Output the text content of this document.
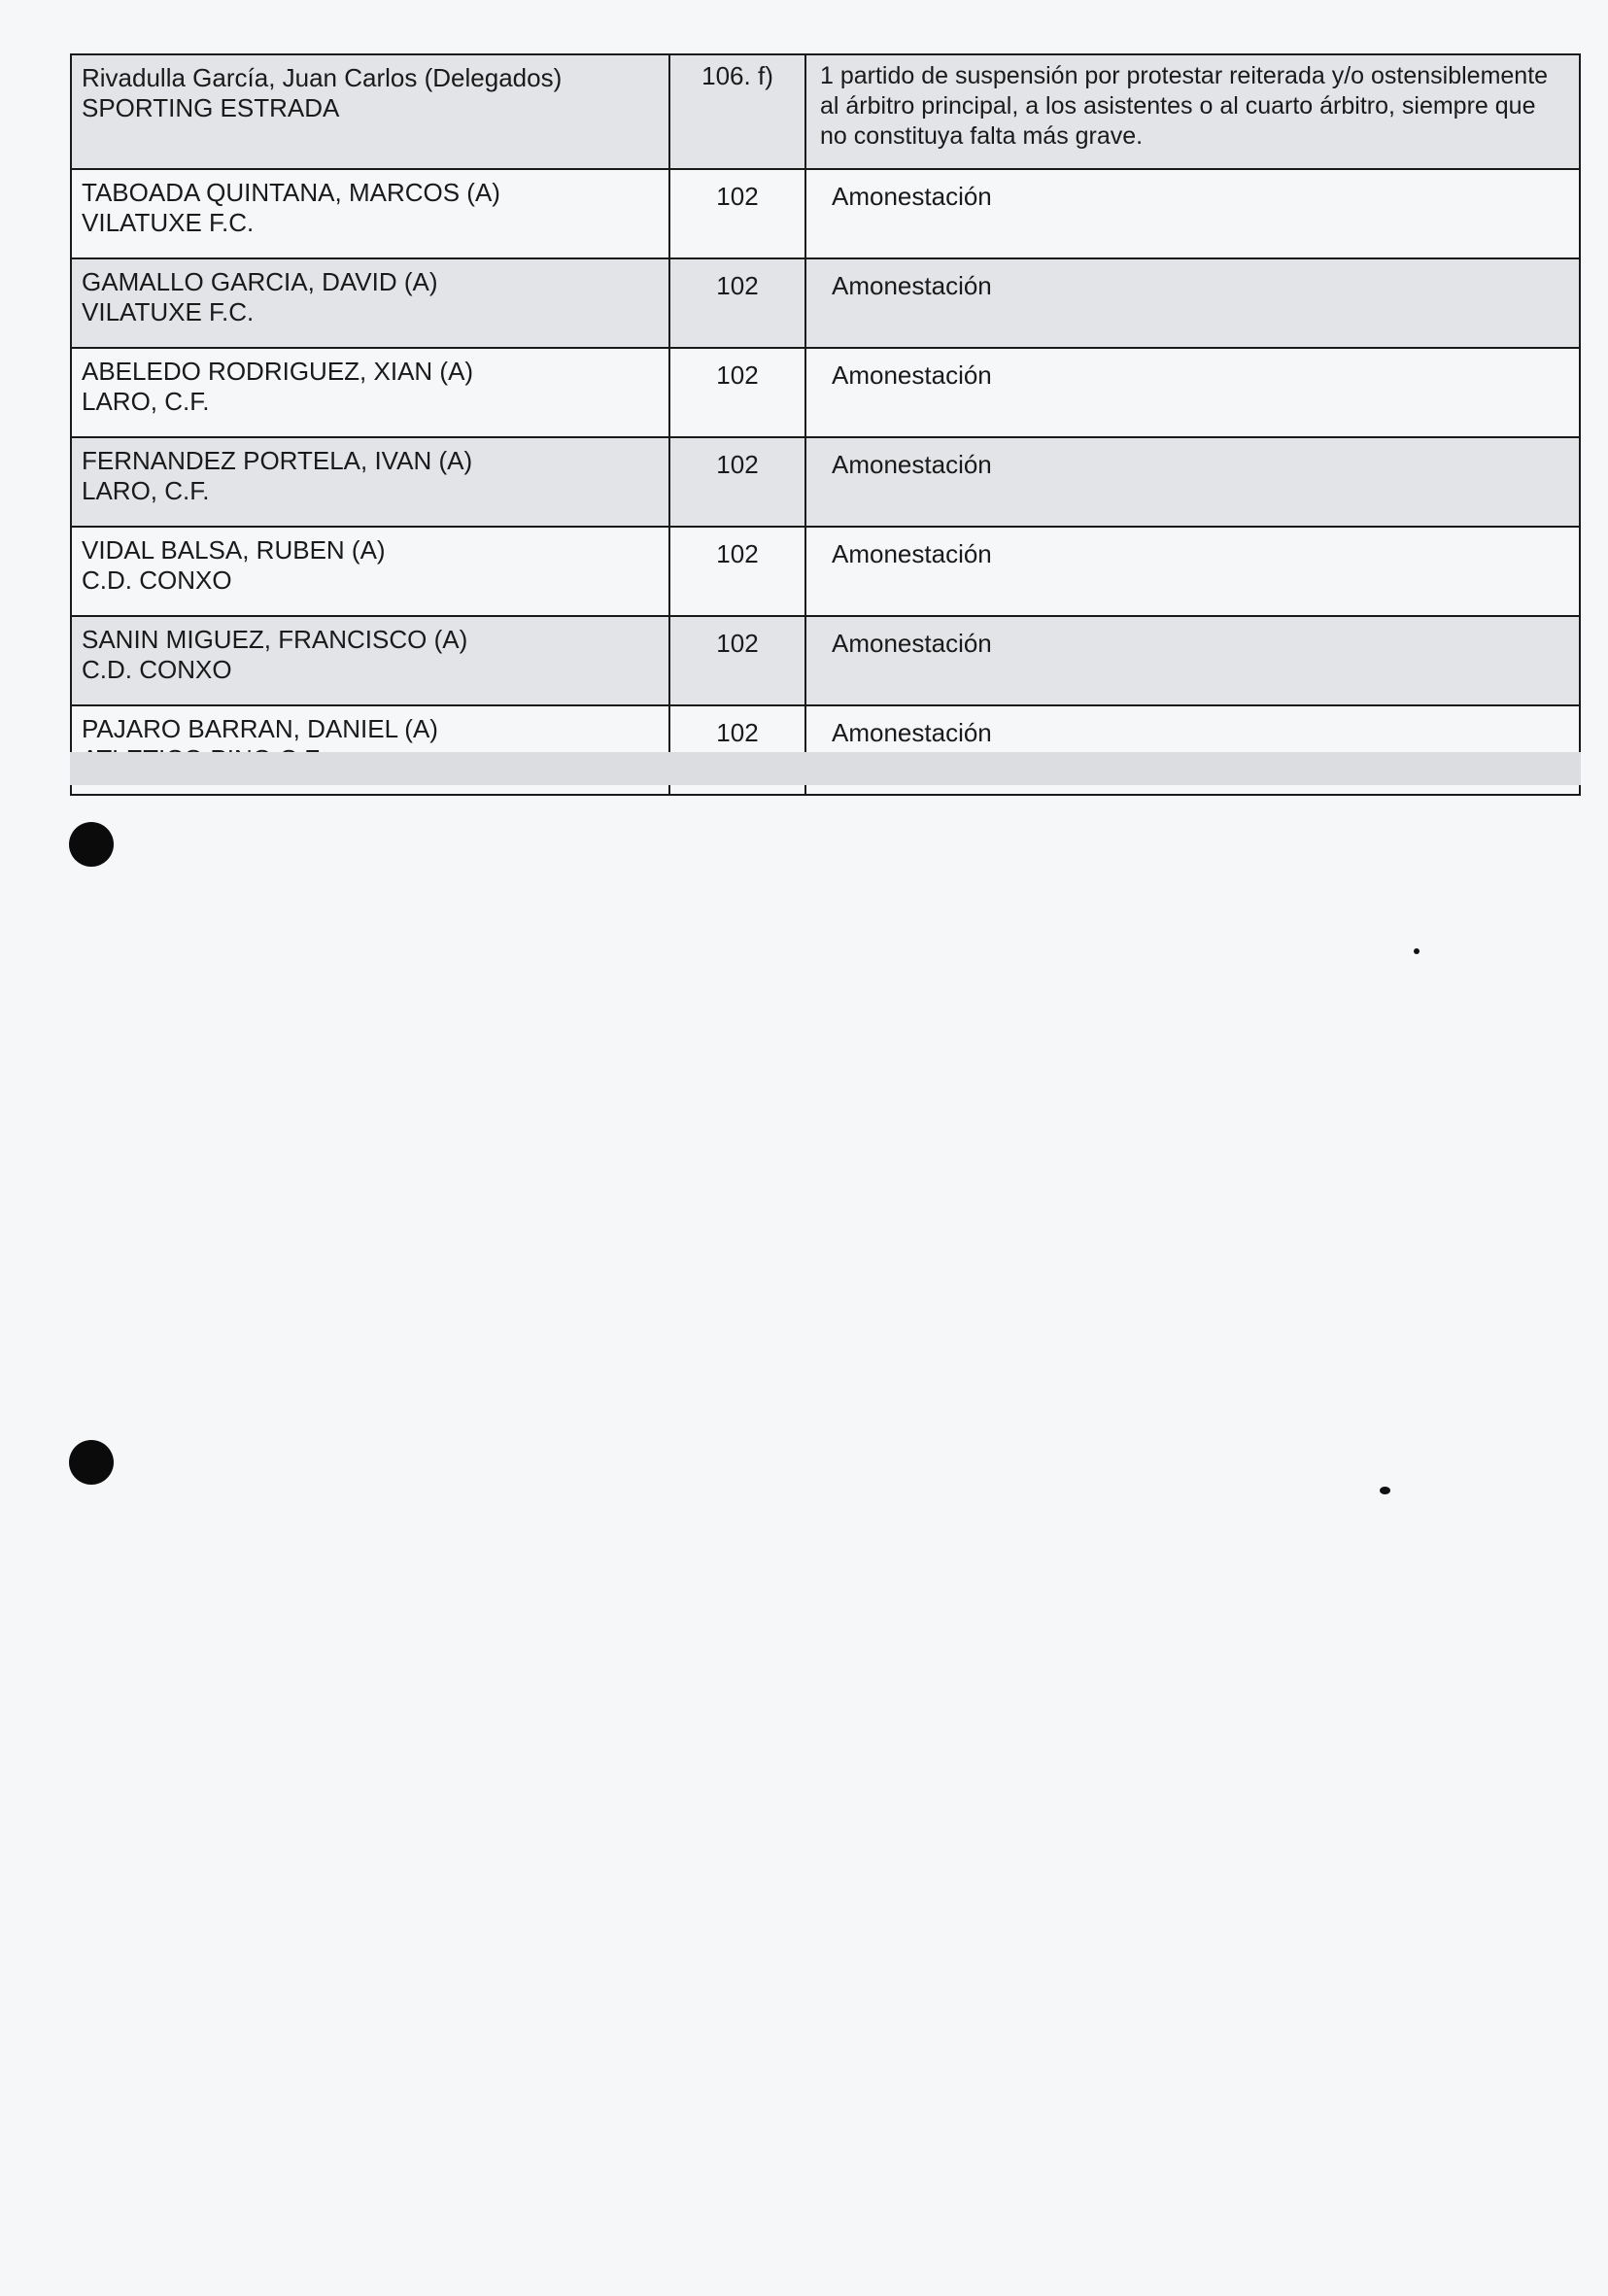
Rivadulla García, Juan Carlos (Delegados)
SPORTING ESTRADA	106. f)	1 partido de suspensión por protestar reiterada y/o ostensiblemente al árbitro principal, a los asistentes o al cuarto árbitro, siempre que no constituya falta más grave.

TABOADA QUINTANA, MARCOS (A)
VILATUXE F.C.	102	Amonestación

GAMALLO GARCIA, DAVID (A)
VILATUXE F.C.	102	Amonestación

ABELEDO RODRIGUEZ, XIAN (A)
LARO, C.F.	102	Amonestación

FERNANDEZ PORTELA, IVAN (A)
LARO, C.F.	102	Amonestación

VIDAL BALSA, RUBEN (A)
C.D. CONXO	102	Amonestación

SANIN MIGUEZ, FRANCISCO (A)
C.D. CONXO	102	Amonestación

PAJARO BARRAN, DANIEL (A)	102	Amonestación
